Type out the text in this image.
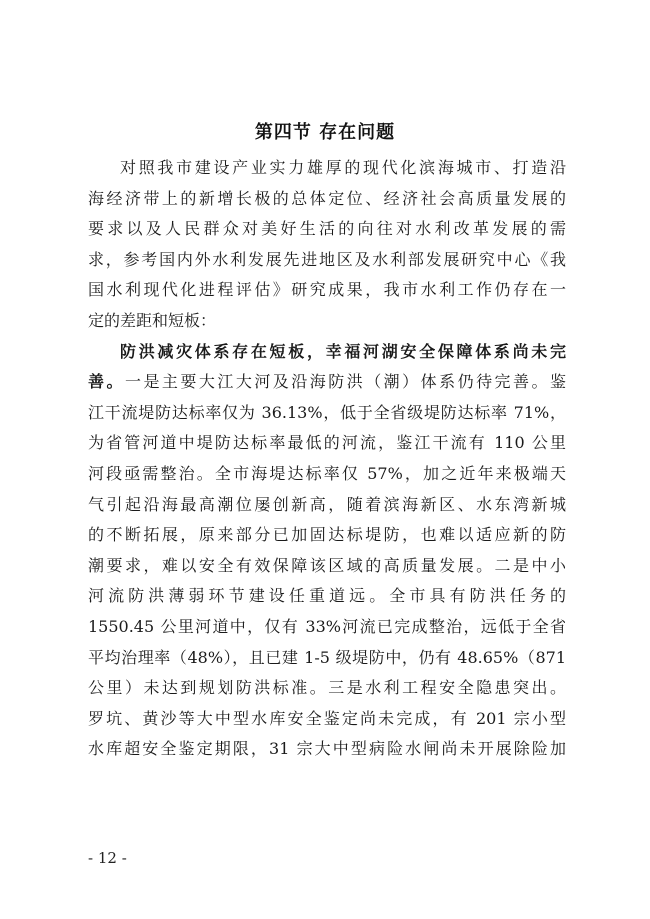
第四节 存在问题
对照我市建设产业实力雄厚的现代化滨海城市、打造沿
海经济带上的新增长极的总体定位、经济社会高质量发展的
要求以及人民群众对美好生活的向往对水利改革发展的需
求，参考国内外水利发展先进地区及水利部发展研究中心《我
国水利现代化进程评估》研究成果，我市水利工作仍存在一
定的差距和短板：
防洪减灾体系存在短板，幸福河湖安全保障体系尚未完
善。一是主要大江大河及沿海防洪（潮）体系仍待完善。鉴
江干流堤防达标率仅为 36.13%，低于全省级堤防达标率 71%，
为省管河道中堤防达标率最低的河流，鉴江干流有 110 公里
河段亟需整治。全市海堤达标率仅 57%，加之近年来极端天
气引起沿海最高潮位屡创新高，随着滨海新区、水东湾新城
的不断拓展，原来部分已加固达标堤防，也难以适应新的防
潮要求，难以安全有效保障该区域的高质量发展。二是中小
河流防洪薄弱环节建设任重道远。全市具有防洪任务的
1550.45 公里河道中，仅有 33%河流已完成整治，远低于全省
平均治理率（48%），且已建 1-5 级堤防中，仍有 48.65%（871
公里）未达到规划防洪标准。三是水利工程安全隐患突出。
罗坑、黄沙等大中型水库安全鉴定尚未完成，有 201 宗小型
水库超安全鉴定期限，31 宗大中型病险水闸尚未开展除险加
- 12 -
